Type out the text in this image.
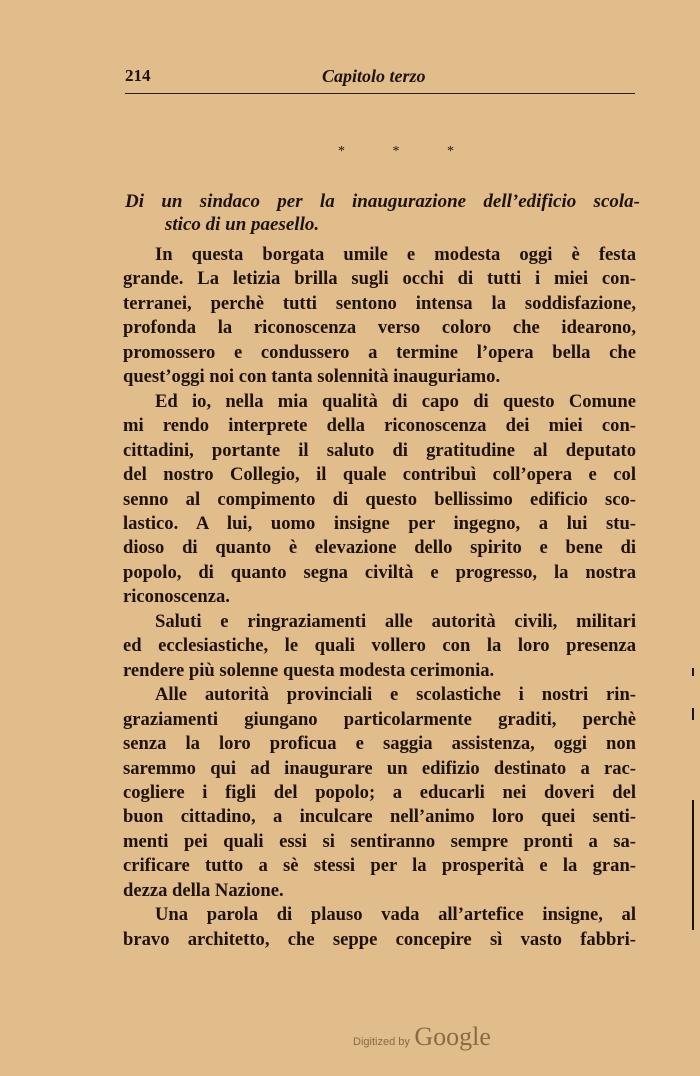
214	Capitolo terzo
* * *
Di un sindaco per la inaugurazione dell’edificio scola-
stico di un paesello.
In questa borgata umile e modesta oggi è festa
grande. La letizia brilla sugli occhi di tutti i miei con-
terranei, perchè tutti sentono intensa la soddisfazione,
profonda la riconoscenza verso coloro che idearono,
promossero e condussero a termine l’opera bella che
quest’oggi noi con tanta solennità inauguriamo.
Ed io, nella mia qualità di capo di questo Comune
mi rendo interprete della riconoscenza dei miei con-
cittadini, portante il saluto di gratitudine al deputato
del nostro Collegio, il quale contribuì coll’opera e col
senno al compimento di questo bellissimo edificio sco-
lastico. A lui, uomo insigne per ingegno, a lui stu-
dioso di quanto è elevazione dello spirito e bene di
popolo, di quanto segna civiltà e progresso, la nostra
riconoscenza.
Saluti e ringraziamenti alle autorità civili, militari
ed ecclesiastiche, le quali vollero con la loro presenza
rendere più solenne questa modesta cerimonia.
Alle autorità provinciali e scolastiche i nostri rin-
graziamenti giungano particolarmente graditi, perchè
senza la loro proficua e saggia assistenza, oggi non
saremmo qui ad inaugurare un edifizio destinato a rac-
cogliere i figli del popolo; a educarli nei doveri del
buon cittadino, a inculcare nell’animo loro quei senti-
menti pei quali essi si sentiranno sempre pronti a sa-
crificare tutto a sè stessi per la prosperità e la gran-
dezza della Nazione.
Una parola di plauso vada all’artefice insigne, al
bravo architetto, che seppe concepire sì vasto fabbri-
Digitized by Google
